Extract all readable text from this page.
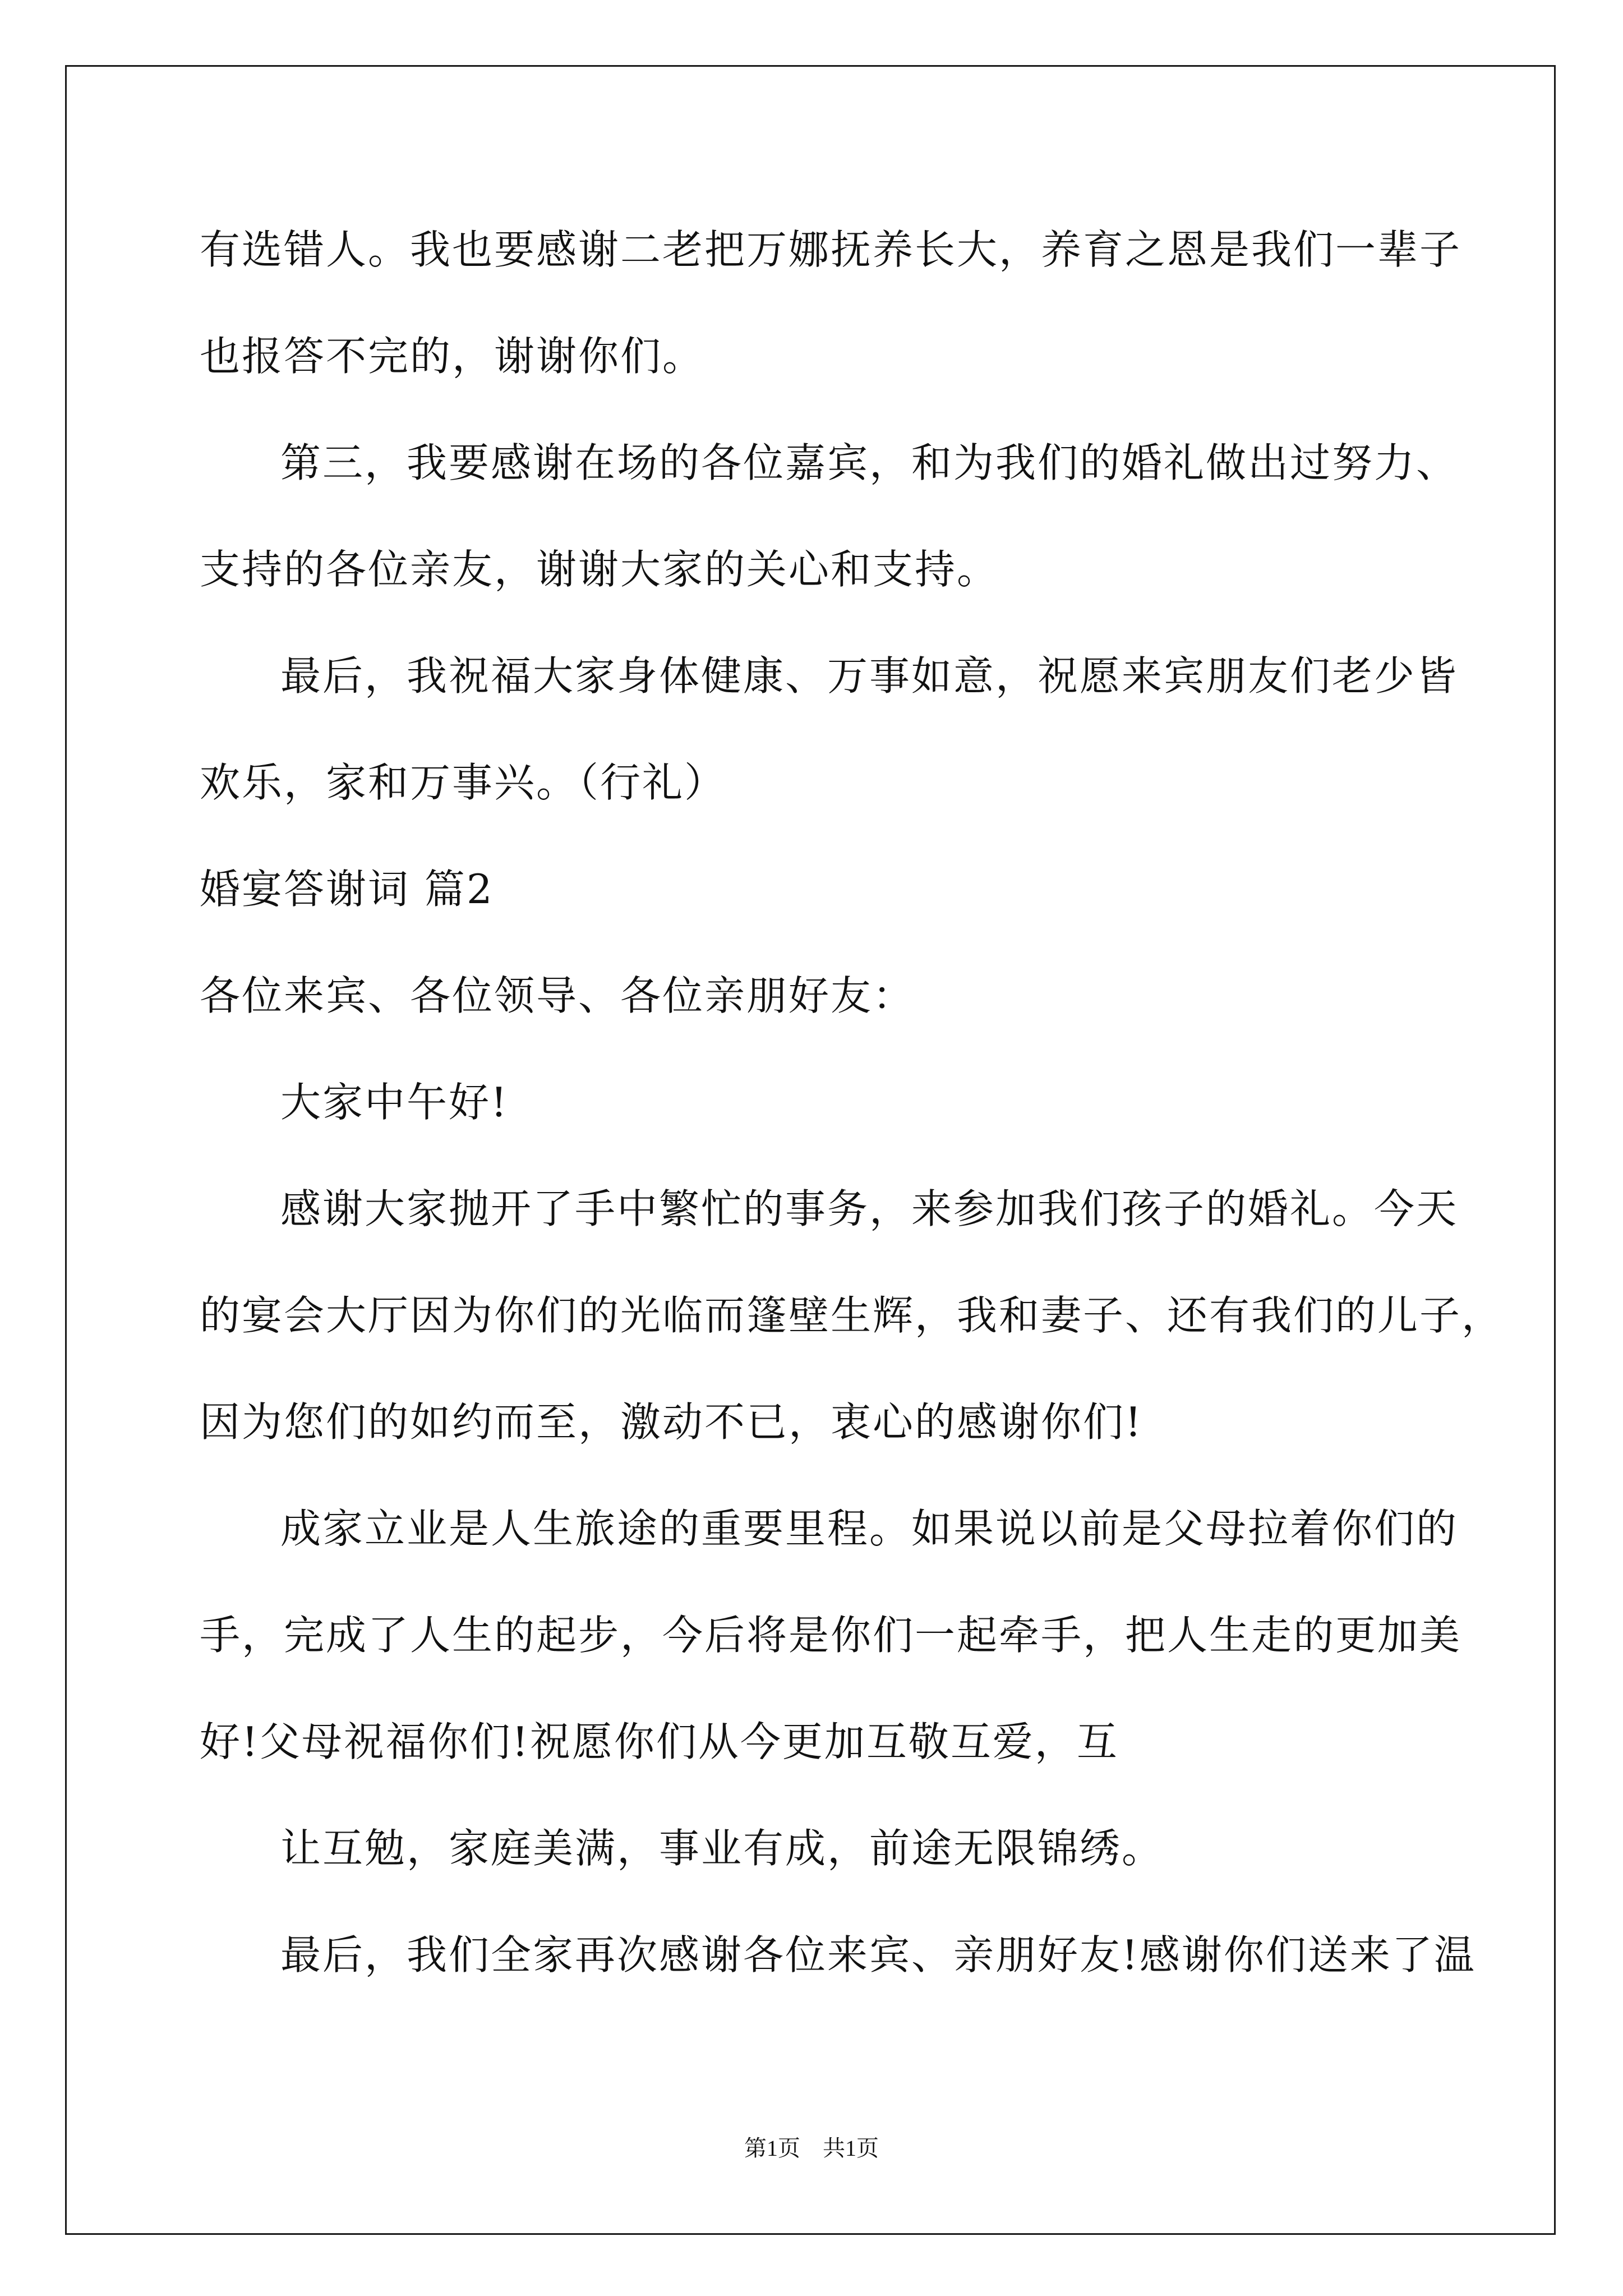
有选错人。我也要感谢二老把万娜抚养长大，养育之恩是我们一辈子

也报答不完的，谢谢你们。

第三，我要感谢在场的各位嘉宾，和为我们的婚礼做出过努力、

支持的各位亲友，谢谢大家的关心和支持。

最后，我祝福大家身体健康、万事如意，祝愿来宾朋友们老少皆

欢乐，家和万事兴。（行礼）

婚宴答谢词 篇2

各位来宾、各位领导、各位亲朋好友：

大家中午好!

感谢大家抛开了手中繁忙的事务，来参加我们孩子的婚礼。今天

的宴会大厅因为你们的光临而篷壁生辉，我和妻子、还有我们的儿子，

因为您们的如约而至，激动不已，衷心的感谢你们!

成家立业是人生旅途的重要里程。如果说以前是父母拉着你们的

手，完成了人生的起步，今后将是你们一起牵手，把人生走的更加美

好!父母祝福你们!祝愿你们从今更加互敬互爱，互

让互勉，家庭美满，事业有成，前途无限锦绣。

最后，我们全家再次感谢各位来宾、亲朋好友!感谢你们送来了温

第1页 共1页
